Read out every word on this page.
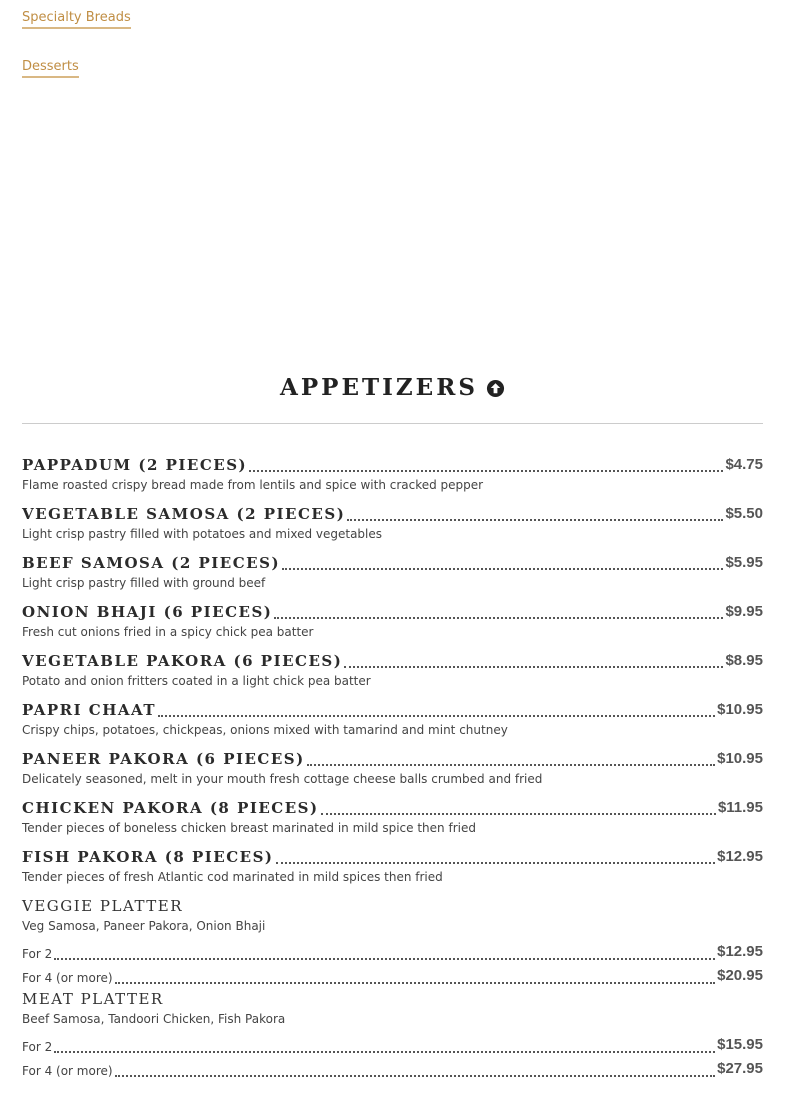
Specialty Breads
Desserts
APPETIZERS
PAPPADUM (2 PIECES)	$4.75
Flame roasted crispy bread made from lentils and spice with cracked pepper
VEGETABLE SAMOSA (2 PIECES)	$5.50
Light crisp pastry filled with potatoes and mixed vegetables
BEEF SAMOSA (2 PIECES)	$5.95
Light crisp pastry filled with ground beef
ONION BHAJI (6 PIECES)	$9.95
Fresh cut onions fried in a spicy chick pea batter
VEGETABLE PAKORA (6 PIECES)	$8.95
Potato and onion fritters coated in a light chick pea batter
PAPRI CHAAT	$10.95
Crispy chips, potatoes, chickpeas, onions mixed with tamarind and mint chutney
PANEER PAKORA (6 PIECES)	$10.95
Delicately seasoned, melt in your mouth fresh cottage cheese balls crumbed and fried
CHICKEN PAKORA (8 PIECES)	$11.95
Tender pieces of boneless chicken breast marinated in mild spice then fried
FISH PAKORA (8 PIECES)	$12.95
Tender pieces of fresh Atlantic cod marinated in mild spices then fried
VEGGIE PLATTER
Veg Samosa, Paneer Pakora, Onion Bhaji
For 2	$12.95
For 4 (or more)	$20.95
MEAT PLATTER
Beef Samosa, Tandoori Chicken, Fish Pakora
For 2	$15.95
For 4 (or more)	$27.95
